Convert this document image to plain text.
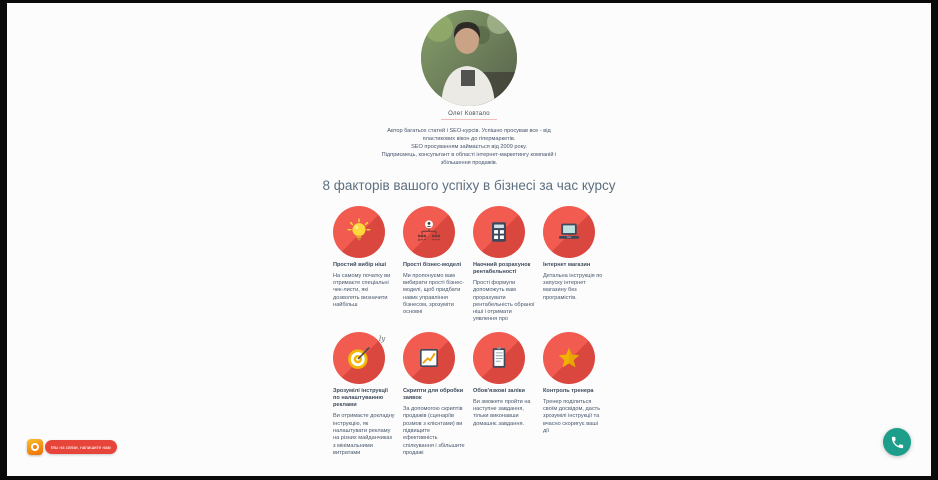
Олег Ковтало
Автор багатьох статей і SEO-курсів. Успішно просував все - від
пластикових вікон до гіпермаркетів.
SEO просуванням займається від 2009 року.
Підприємець, консультант в області інтернет-маркетингу компаній і
збільшення продажів.
8 факторів вашого успіху в бізнесі за час курсу
Простий вибір ніші
На самому початку ви отримаєте спеціальні чек-листи, які дозволять визначити найбільш
Прості бізнес-моделі
Ми пропонуємо вам вибирати прості бізнес-моделі, щоб придбати навик управління бізнесом, зрозуміти основні
Наочний розрахунок рентабельності
Прості формули допоможуть вам прорахувати рентабельність обраної ніші і отримати уявлення про
Інтернет магазин
Детальна інструкція по запуску інтернет магазину без програмістів.
ly
Зрозумілі інструкції по налаштуванню реклами
Ви отримаєте докладну інструкцію, як налаштувати рекламу на різних майданчиках з мінімальними витратами
Скрипти для обробки заявок
За допомогою скриптів продажів (сценаріїв розмов з клієнтами) ви підвищите ефективність спілкування і збільшите продажі
Обов'язкові заліки
Ви зможете пройти на наступне завдання, тільки виконавши домашнє завдання.
Контроль тренера
Тренер поділиться своїм досвідом, дасть зрозумілі інструкції та вчасно скоригує ваші дії
Мы на связи, напишите нам
